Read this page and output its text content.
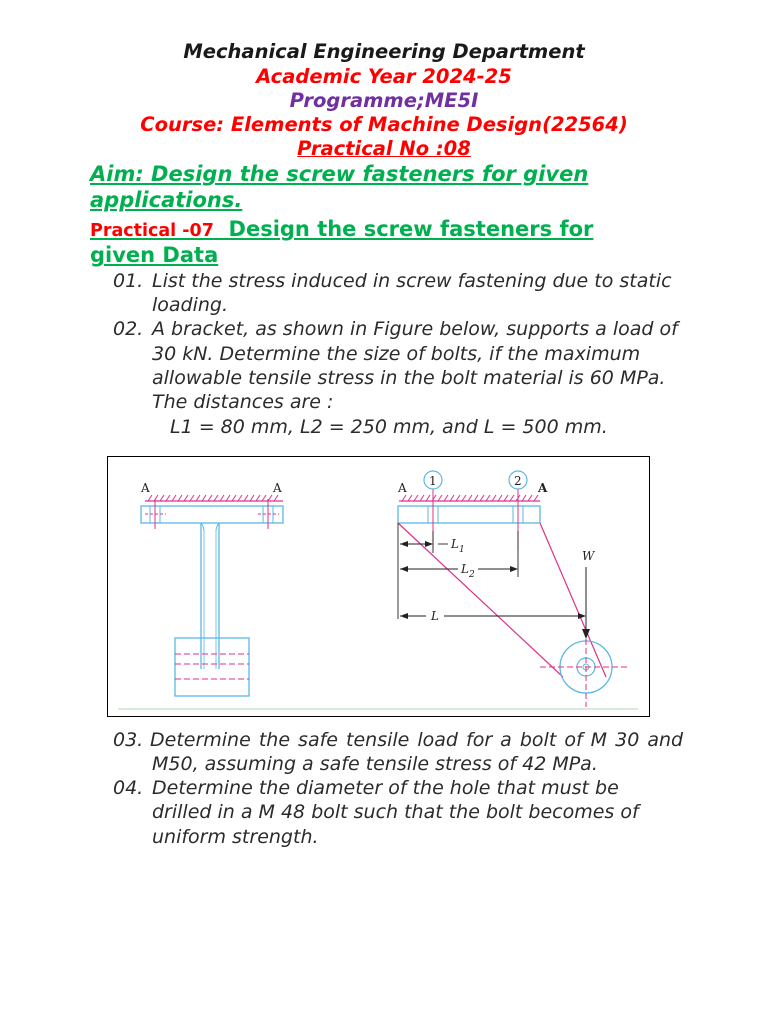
Mechanical Engineering Department
Academic Year 2024-25
Programme;ME5I
Course: Elements of Machine Design(22564)
Practical No :08
Aim: Design the screw fasteners for given
applications.
Practical -07 Design the screw fasteners for
given Data
01. List the stress induced in screw fastening due to static
loading.
02. A bracket, as shown in Figure below, supports a load of
30 kN. Determine the size of bolts, if the maximum
allowable tensile stress in the bolt material is 60 MPa.
The distances are :
L1 = 80 mm, L2 = 250 mm, and L = 500 mm.
A	A	1	2
A	A
W
$L_1$
$L_2$
L
03. Determine the safe tensile load for a bolt of M 30 and
M50, assuming a safe tensile stress of 42 MPa.
04. Determine the diameter of the hole that must be
drilled in a M 48 bolt such that the bolt becomes of
uniform strength.
